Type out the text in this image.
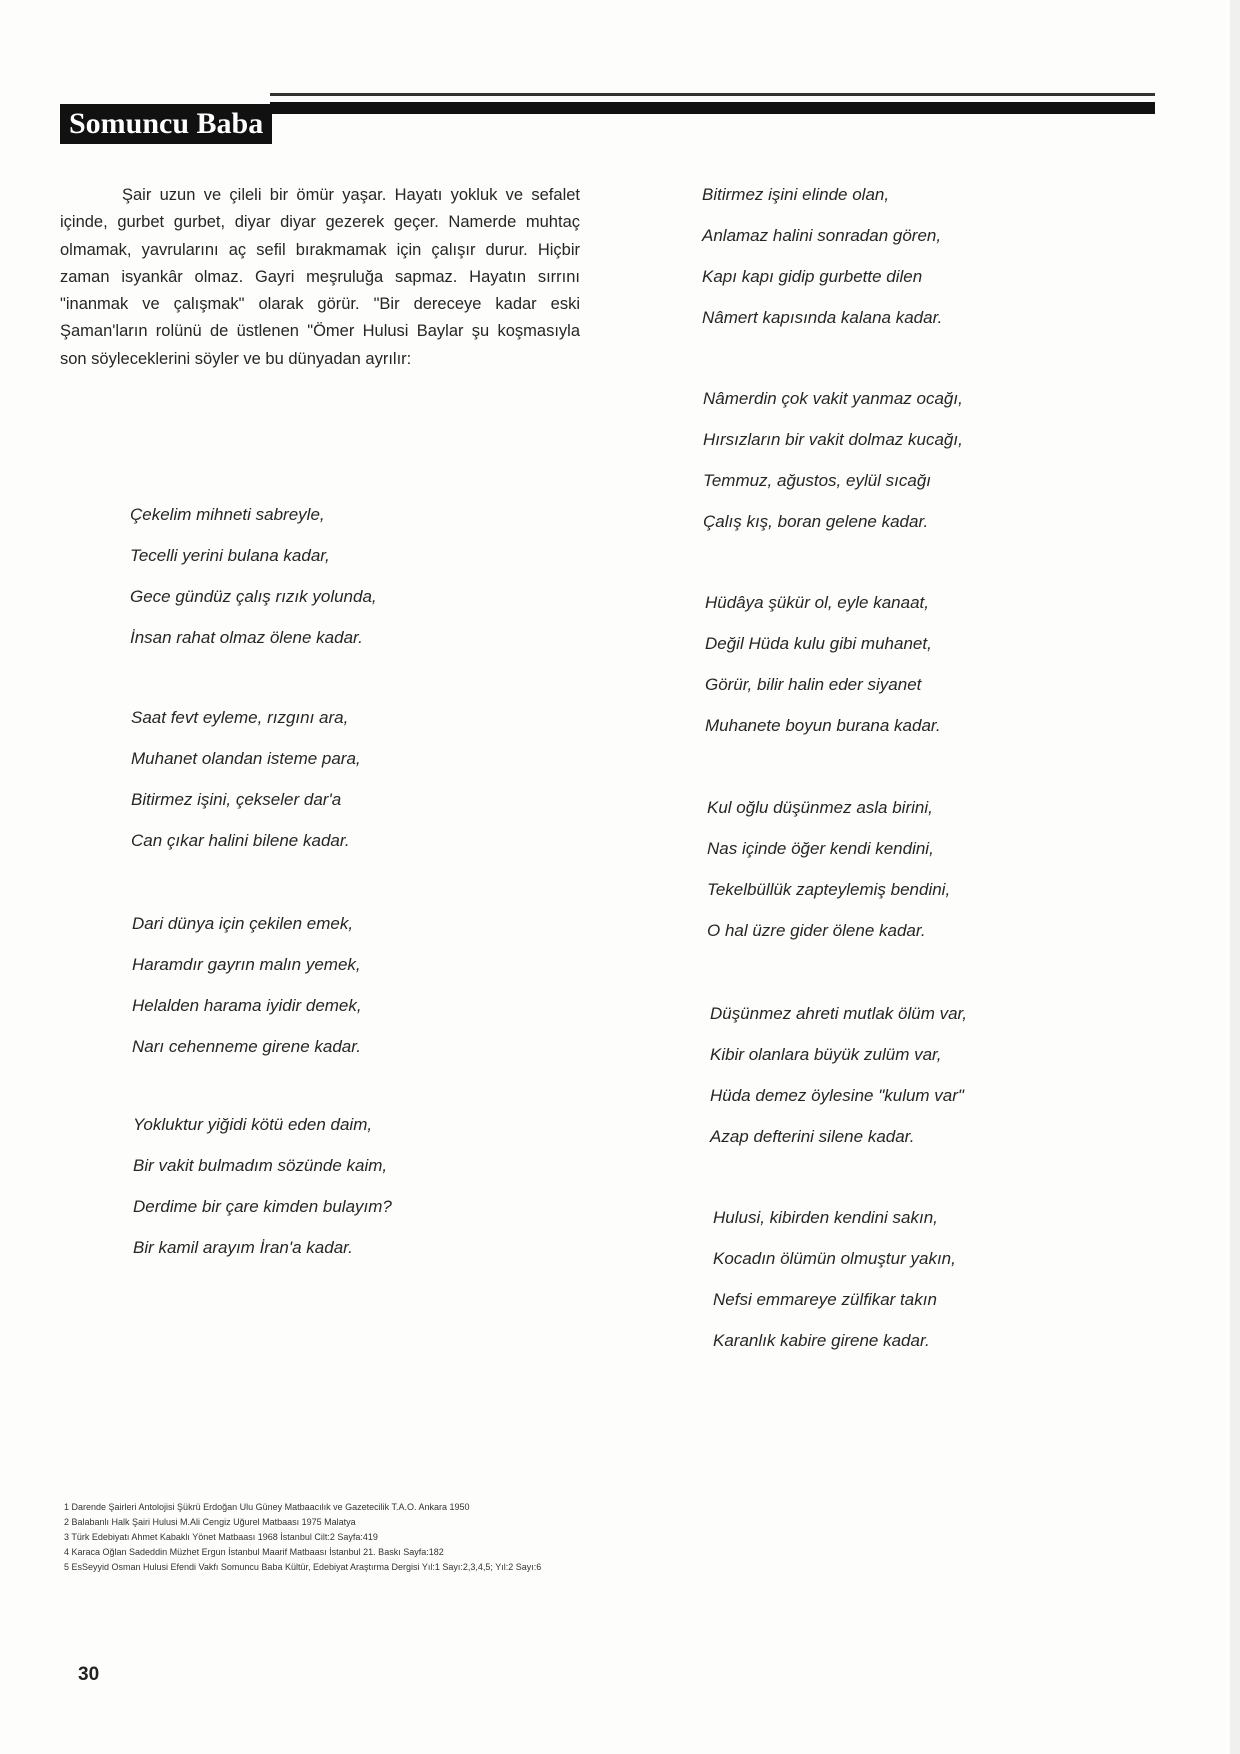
Somuncu Baba

Şair uzun ve çileli bir ömür yaşar. Hayatı yokluk ve sefalet içinde, gurbet gurbet, diyar diyar gezerek geçer. Namerde muhtaç olmamak, yavrularını aç sefil bırakmamak için çalışır durur. Hiçbir zaman isyankâr olmaz. Gayri meşruluğa sapmaz. Hayatın sırrını "inanmak ve çalışmak" olarak görür. "Bir dereceye kadar eski Şaman'ların rolünü de üstlenen "Ömer Hulusi Baylar şu koşmasıyla son söyleceklerini söyler ve bu dünyadan ayrılır:

Çekelim mihneti sabreyle,
Tecelli yerini bulana kadar,
Gece gündüz çalış rızık yolunda,
İnsan rahat olmaz ölene kadar.
Saat fevt eyleme, rızgını ara,
Muhanet olandan isteme para,
Bitirmez işini, çekseler dar'a
Can çıkar halini bilene kadar.
Dari dünya için çekilen emek,
Haramdır gayrın malın yemek,
Helalden harama iyidir demek,
Narı cehenneme girene kadar.
Yokluktur yiğidi kötü eden daim,
Bir vakit bulmadım sözünde kaim,
Derdime bir çare kimden bulayım?
Bir kamil arayım İran'a kadar.
Bitirmez işini elinde olan,
Anlamaz halini sonradan gören,
Kapı kapı gidip gurbette dilen
Nâmert kapısında kalana kadar.
Nâmerdin çok vakit yanmaz ocağı,
Hırsızların bir vakit dolmaz kucağı,
Temmuz, ağustos, eylül sıcağı
Çalış kış, boran gelene kadar.
Hüdâya şükür ol, eyle kanaat,
Değil Hüda kulu gibi muhanet,
Görür, bilir halin eder siyanet
Muhanete boyun burana kadar.
Kul oğlu düşünmez asla birini,
Nas içinde öğer kendi kendini,
Tekelbüllük zapteylemiş bendini,
O hal üzre gider ölene kadar.
Düşünmez ahreti mutlak ölüm var,
Kibir olanlara büyük zulüm var,
Hüda demez öylesine "kulum var"
Azap defterini silene kadar.
Hulusi, kibirden kendini sakın,
Kocadın ölümün olmuştur yakın,
Nefsi emmareye zülfikar takın
Karanlık kabire girene kadar.
1 Darende Şairleri Antolojisi Şükrü Erdoğan Ulu Güney Matbaacılık ve Gazetecilik T.A.O. Ankara 1950
2 Balabanlı Halk Şairi Hulusi M.Ali Cengiz Uğurel Matbaası 1975 Malatya
3 Türk Edebiyatı Ahmet Kabaklı Yönet Matbaası 1968 İstanbul Cilt:2 Sayfa:419
4 Karaca Oğlan Sadeddin Müzhet Ergun İstanbul Maarif Matbaası İstanbul 21. Baskı Sayfa:182
5 EsSeyyid Osman Hulusi Efendi Vakfı Somuncu Baba Kültür, Edebiyat Araştırma Dergisi Yıl:1 Sayı:2,3,4,5; Yıl:2 Sayı:6
30
